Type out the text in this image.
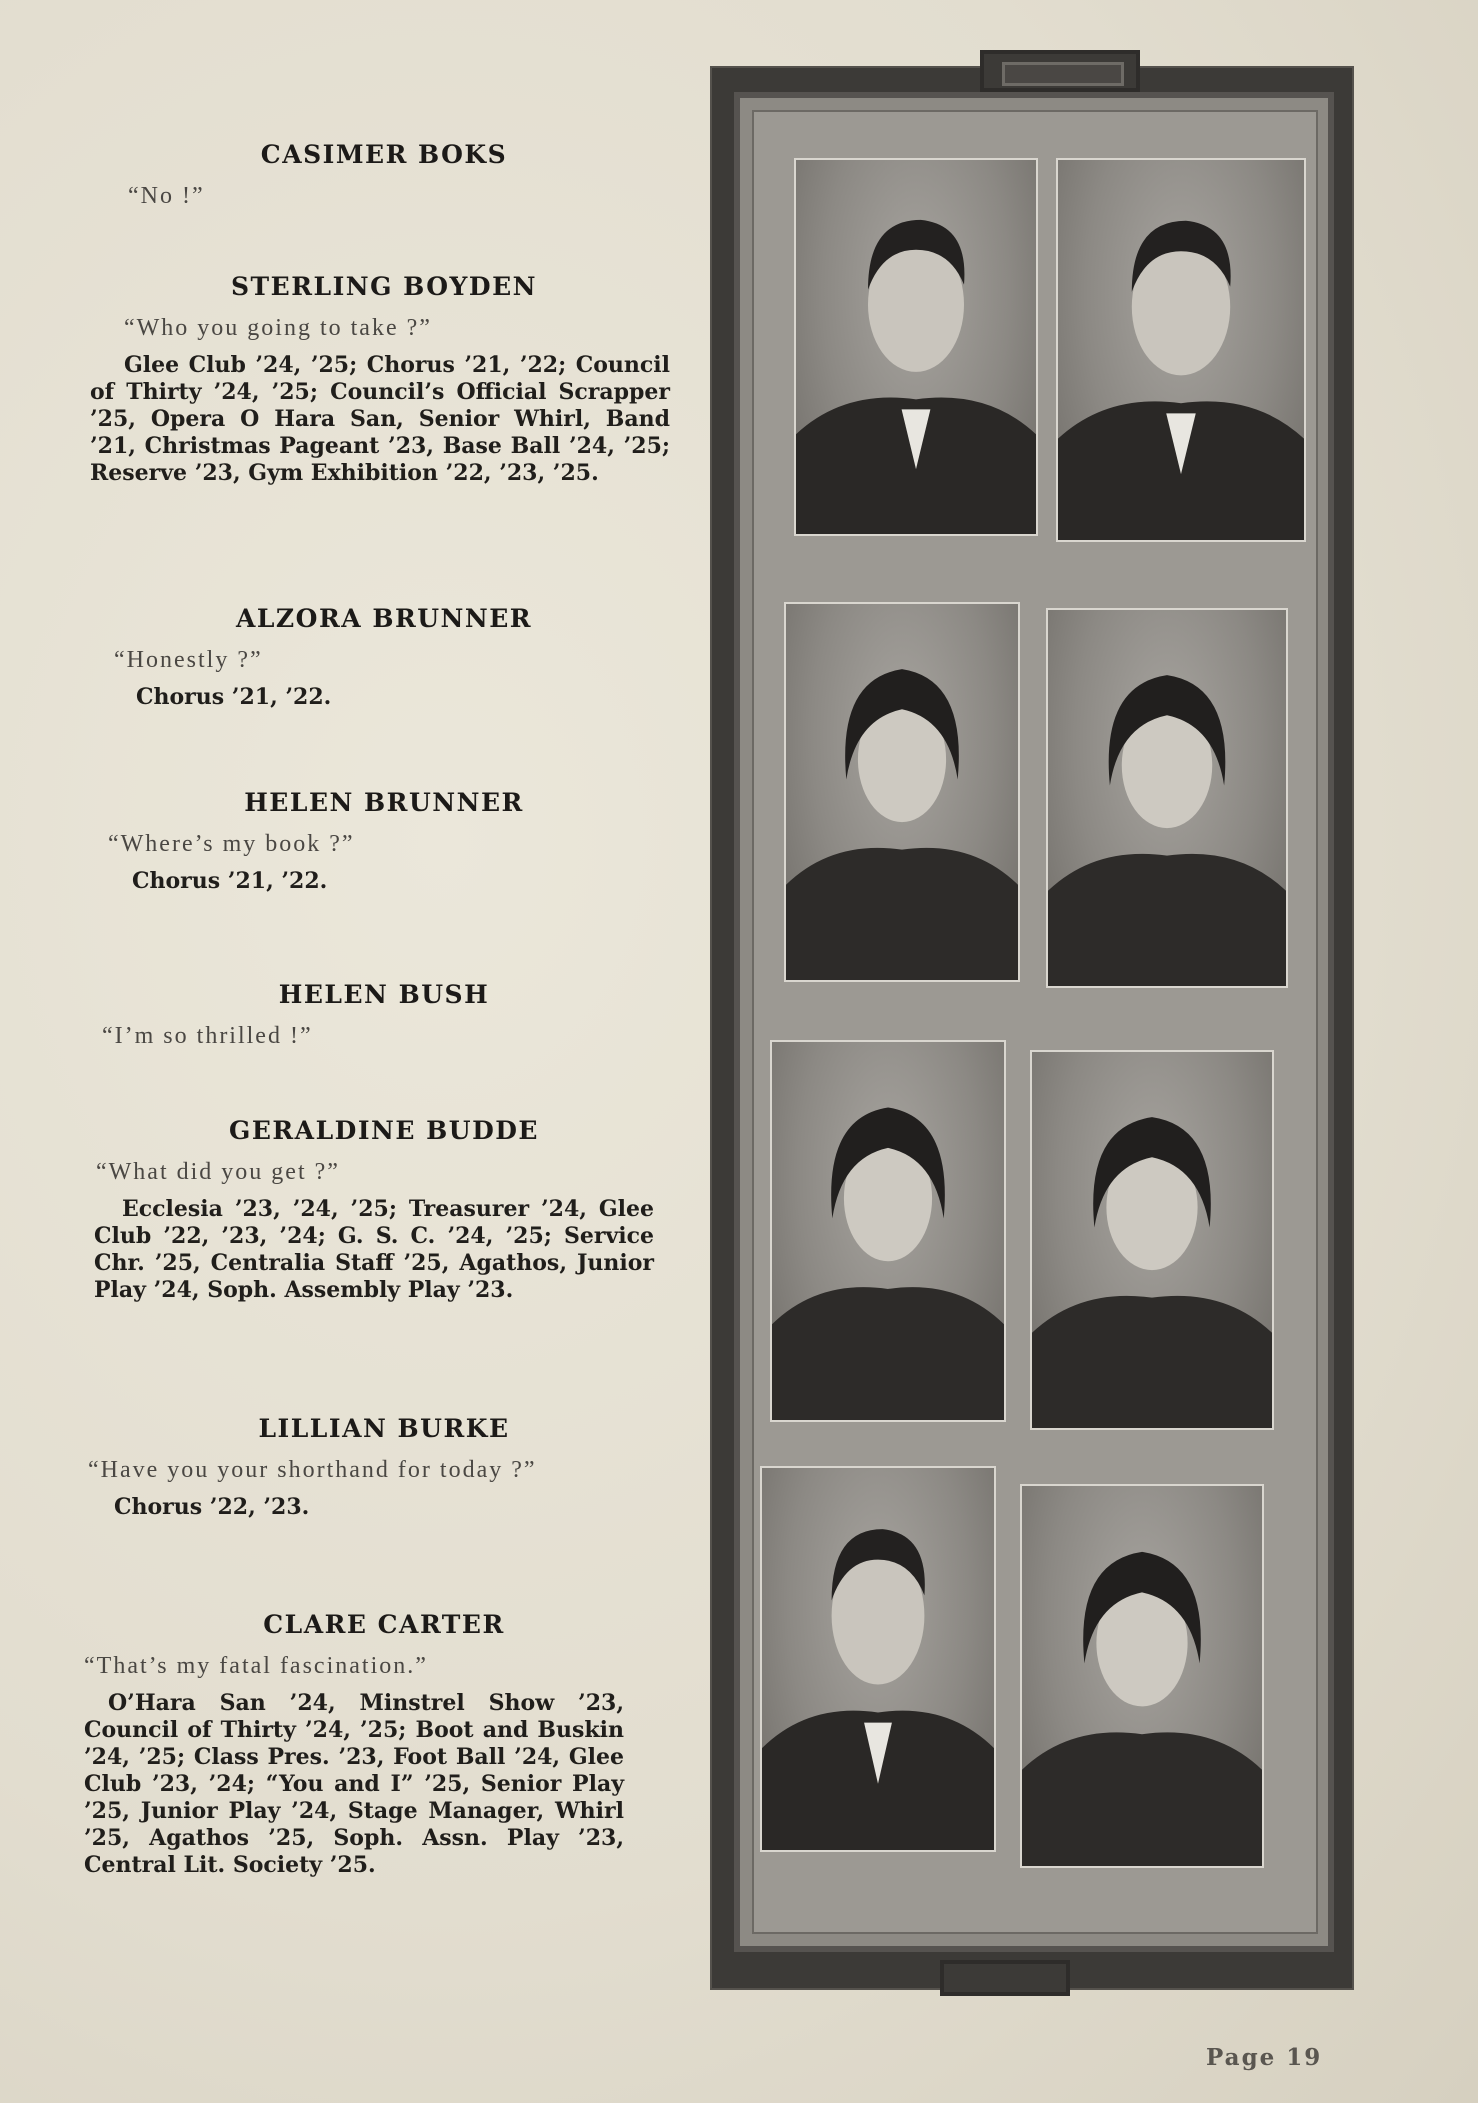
CASIMER BOKS
“No !”
STERLING BOYDEN
“Who you going to take ?”
Glee Club ’24, ’25; Chorus ’21, ’22; Council of Thirty ’24, ’25; Council’s Official Scrapper ’25, Opera O Hara San, Senior Whirl, Band ’21, Christmas Pageant ’23, Base Ball ’24, ’25; Reserve ’23, Gym Exhibition ’22, ’23, ’25.
ALZORA BRUNNER
“Honestly ?”
Chorus ’21, ’22.
HELEN BRUNNER
“Where’s my book ?”
Chorus ’21, ’22.
HELEN BUSH
“I’m so thrilled !”
GERALDINE BUDDE
“What did you get ?”
Ecclesia ’23, ’24, ’25; Treasurer ’24, Glee Club ’22, ’23, ’24; G. S. C. ’24, ’25; Service Chr. ’25, Centralia Staff ’25, Agathos, Junior Play ’24, Soph. Assembly Play ’23.
LILLIAN BURKE
“Have you your shorthand for today ?”
Chorus ’22, ’23.
CLARE CARTER
“That’s my fatal fascination.”
O’Hara San ’24, Minstrel Show ’23, Council of Thirty ’24, ’25; Boot and Buskin ’24, ’25; Class Pres. ’23, Foot Ball ’24, Glee Club ’23, ’24; “You and I” ’25, Senior Play ’25, Junior Play ’24, Stage Manager, Whirl ’25, Agathos ’25, Soph. Assn. Play ’23, Central Lit. Society ’25.
Page 19
